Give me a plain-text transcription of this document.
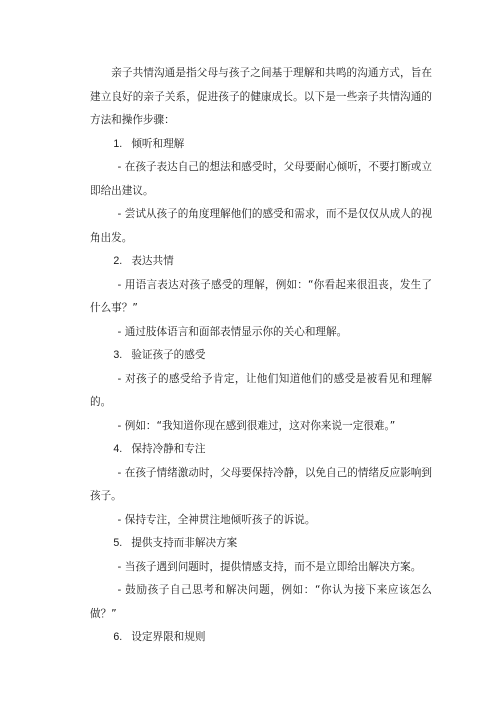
亲子共情沟通是指父母与孩子之间基于理解和共鸣的沟通方式，旨在建立良好的亲子关系，促进孩子的健康成长。以下是一些亲子共情沟通的方法和操作步骤：

1. 倾听和理解

- 在孩子表达自己的想法和感受时，父母要耐心倾听，不要打断或立即给出建议。

- 尝试从孩子的角度理解他们的感受和需求，而不是仅仅从成人的视角出发。

2. 表达共情

- 用语言表达对孩子感受的理解，例如：“你看起来很沮丧，发生了什么事？”

- 通过肢体语言和面部表情显示你的关心和理解。

3. 验证孩子的感受

- 对孩子的感受给予肯定，让他们知道他们的感受是被看见和理解的。

- 例如：“我知道你现在感到很难过，这对你来说一定很难。”

4. 保持冷静和专注

- 在孩子情绪激动时，父母要保持冷静，以免自己的情绪反应影响到孩子。

- 保持专注，全神贯注地倾听孩子的诉说。

5. 提供支持而非解决方案

- 当孩子遇到问题时，提供情感支持，而不是立即给出解决方案。

- 鼓励孩子自己思考和解决问题，例如：“你认为接下来应该怎么做？”

6. 设定界限和规则
